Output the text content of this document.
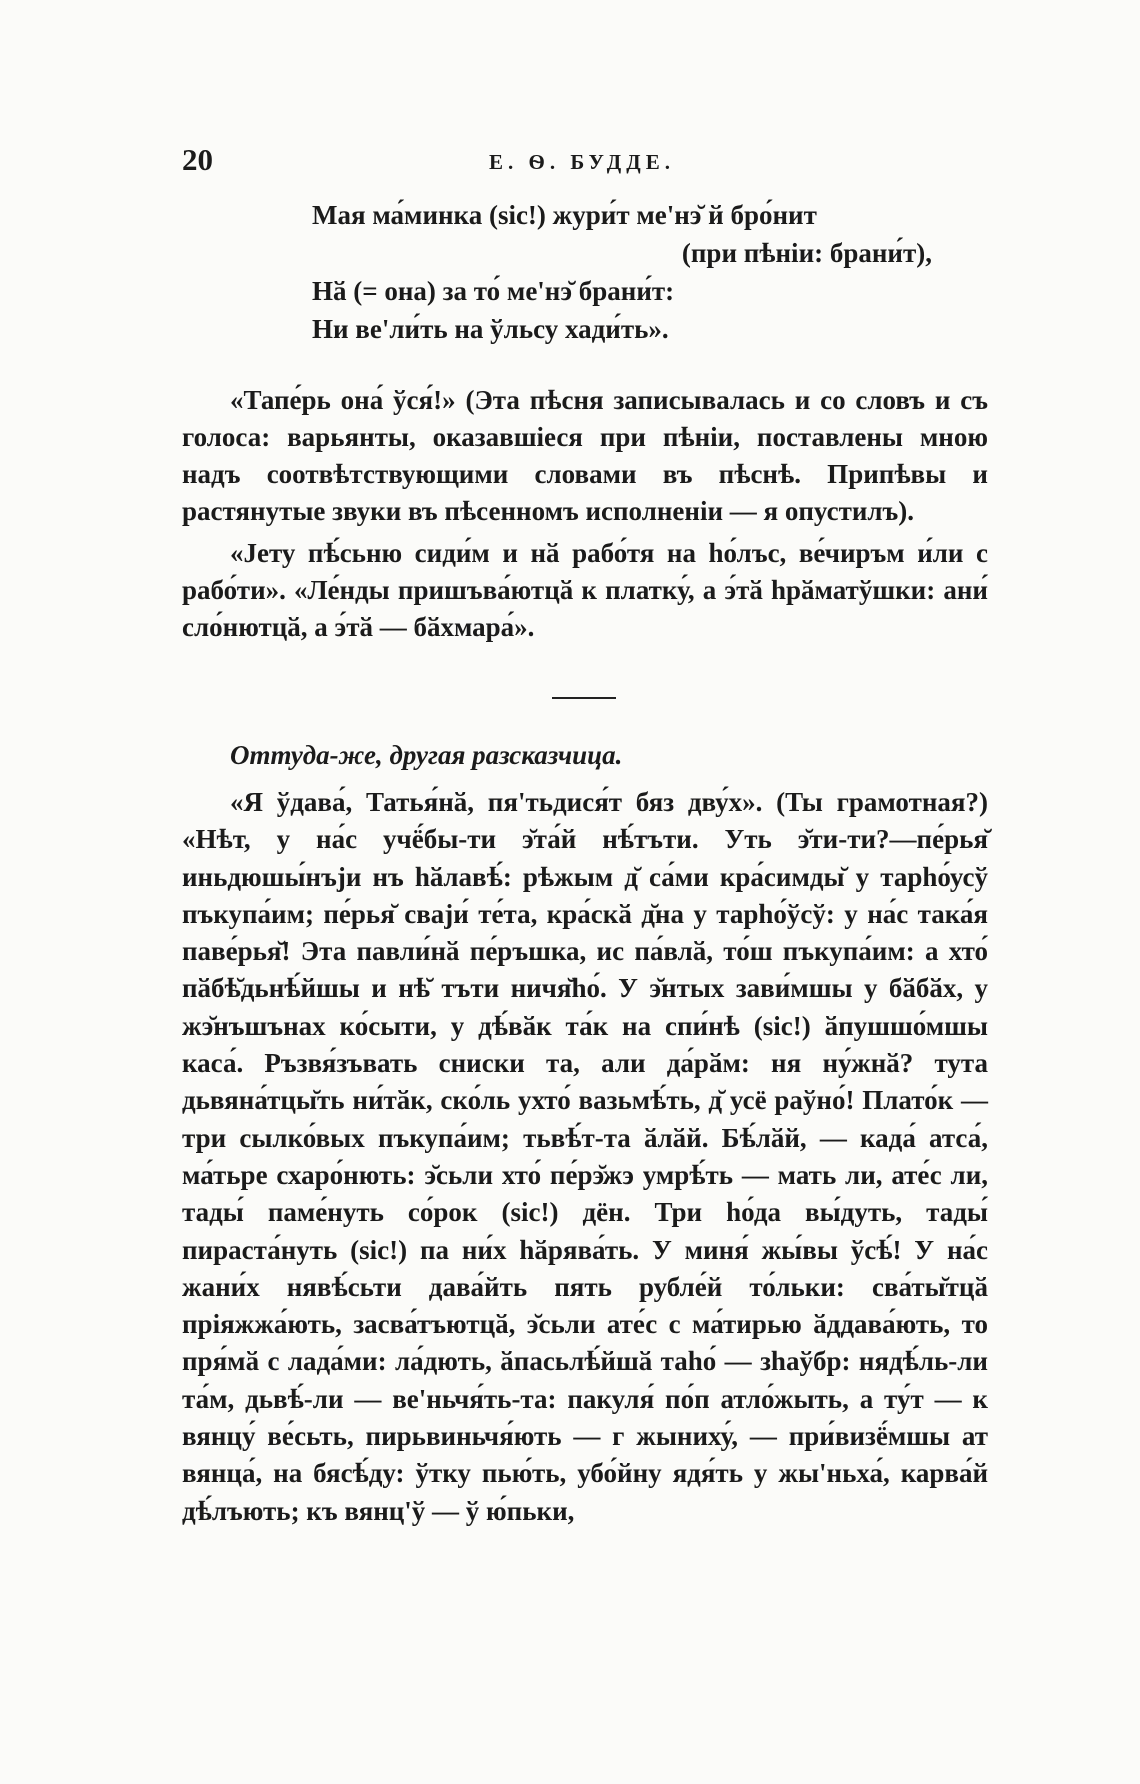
20	Е. Ѳ. БУДДЕ.
Мая ма́минка (sic!) жури́т ме'нэ̆ й бро́нит
(при пѣніи: брани́т),
Нӑ (= она) за то́ ме'нэ̆ брани́т:
Ни ве'ли́ть на ўльсу хади́ть».

«Тапе́рь она́ ўся́!» (Эта пѣсня записывалась и со словъ и съ голоса: варьянты, оказавшіеся при пѣніи, поставлены мною надъ соотвѣтствующими словами въ пѣснѣ. Припѣвы и растянутые звуки въ пѣсенномъ исполненіи — я опустилъ).

«Јету пѣ́сьню сиди́м и нӑ рабо́тя на һо́лъс, ве́чиръм и́ли с рабо́ти». «Ле́нды пришъва́ютцӑ к платку́, а э́тӑ һрӑматўшки: ани́ сло́нютцӑ, а э́тӑ — бӑхмара́».

Оттуда-же, другая разсказчица.

«Я ўдава́, Татья́нӑ, пя'тьдися́т бяз дву́х». (Ты грамотная?) «Нѣт, у на́с учё́бы-ти э̆та́й нѣ́тъти. Уть э̆ти-ти?—пе́рья̆ иньдюшы́нъји нъ һӑлавѣ́: рѣжым д̆ са́ми кра́симды̆ у тарһо́усў пъкупа́им; пе́рья̆ сваји́ те́та, кра́скӑ д̆на у тарһо́ўсў: у на́с така́я паве́рья̆! Эта павли́нӑ пе́ръшка, ис па́влӑ, то́ш пъкупа́им: а хто́ пӑбѣ̆дьнѣ́йшы и нѣ̆ тъти ничя̆һо́. У э̆нтых зави́мшы у бӑбӑх, у жэ̆нъшънах ко́сыти, у дѣ́вӑк та́к на спи́нѣ (sic!) ӑпушшо́мшы каса́. Ръзвя́зъвать сниски та, али да́рӑм: ня ну́жнӑ? тута дьвяна́тцы̆ть ни́тӑк, ско́ль ухто́ вазьмѣ́ть, д̆ усё раўно́! Плато́к — три сылко́вых пъкупа́им; тьвѣ́т-та ӑлӑй. Бѣ́лӑй, — када́ атса́, ма́тьре схаро́нють: э̆сьли хто́ пе́рэ̆жэ умрѣ́ть — мать ли, ате́с ли, тады́ паме́нуть со́рок (sic!) дён. Три һо́да вы́дуть, тады́ пираста́нуть (sic!) па ни́х һӑрява́ть. У миня́ жы́вы ўсѣ́! У на́с жани́х нявѣ́сьти дава́йть пять рубле́й то́льки: сва́ты̆тцӑ пріяжжа́ють, засва́тъютцӑ, э̆сьли ате́с с ма́тирью ӑддава́ють, то пря́мӑ с лада́ми: ла́дють, ӑпасьлѣ́йшӑ таһо́ — зһаўбр: нядѣ́ль-ли та́м, дьвѣ́-ли — ве'ньчя́ть-та: пакуля́ по́п атло́жыть, а ту́т — к вянцу́ ве́сьть, пирьвиньчя́ють — г жыниху́, — при́визё́мшы ат вянца́, на бясѣ́ду: ўтку пью́ть, убо́йну ядя́ть у жы'ньха́, карва́й дѣ́лъють; къ вянц'ў — ў ю́пьки,
